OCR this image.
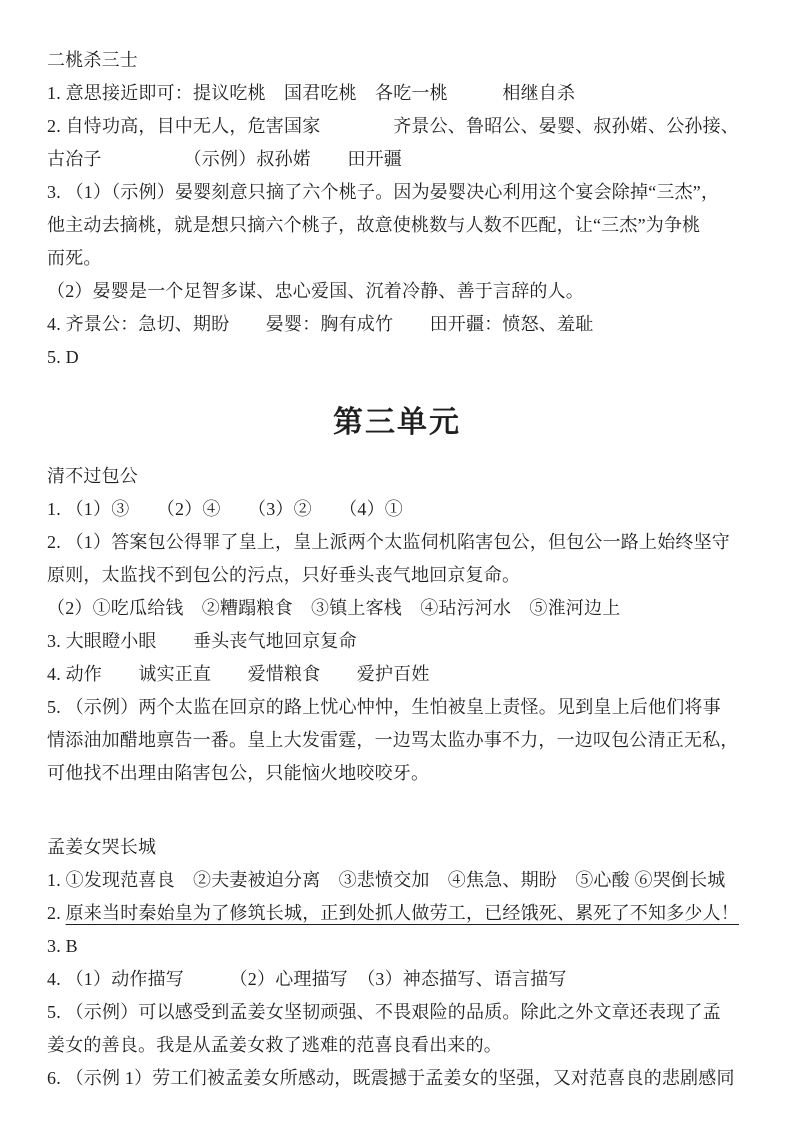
二桃杀三士
1. 意思接近即可：提议吃桃　国君吃桃　各吃一桃　　　相继自杀
2. 自恃功高，目中无人，危害国家　　　　齐景公、鲁昭公、晏婴、叔孙婼、公孙接、
古冶子　　　　　（示例）叔孙婼　　田开疆
3. （1）（示例）晏婴刻意只摘了六个桃子。因为晏婴决心利用这个宴会除掉“三杰”，
他主动去摘桃，就是想只摘六个桃子，故意使桃数与人数不匹配，让“三杰”为争桃
而死。
（2）晏婴是一个足智多谋、忠心爱国、沉着冷静、善于言辞的人。
4. 齐景公：急切、期盼　　晏婴：胸有成竹　　田开疆：愤怒、羞耻
5. D
第三单元
清不过包公
1. （1）③　　（2）④　　（3）②　　（4）①
2. （1）答案包公得罪了皇上，皇上派两个太监伺机陷害包公，但包公一路上始终坚守
原则，太监找不到包公的污点，只好垂头丧气地回京复命。
（2）①吃瓜给钱　②糟蹋粮食　③镇上客栈　④玷污河水　⑤淮河边上
3. 大眼瞪小眼　　垂头丧气地回京复命
4. 动作　　诚实正直　　爱惜粮食　　爱护百姓
5. （示例）两个太监在回京的路上忧心忡忡，生怕被皇上责怪。见到皇上后他们将事
情添油加醋地禀告一番。皇上大发雷霆，一边骂太监办事不力，一边叹包公清正无私，
可他找不出理由陷害包公，只能恼火地咬咬牙。
孟姜女哭长城
1. ①发现范喜良　②夫妻被迫分离　③悲愤交加　④焦急、期盼　⑤心酸 ⑥哭倒长城
2. 原来当时秦始皇为了修筑长城，正到处抓人做劳工，已经饿死、累死了不知多少人！
3. B
4. （1）动作描写　　　（2）心理描写　（3）神态描写、语言描写
5. （示例）可以感受到孟姜女坚韧顽强、不畏艰险的品质。除此之外文章还表现了孟
姜女的善良。我是从孟姜女救了逃难的范喜良看出来的。
6. （示例 1）劳工们被孟姜女所感动，既震撼于孟姜女的坚强，又对范喜良的悲剧感同
